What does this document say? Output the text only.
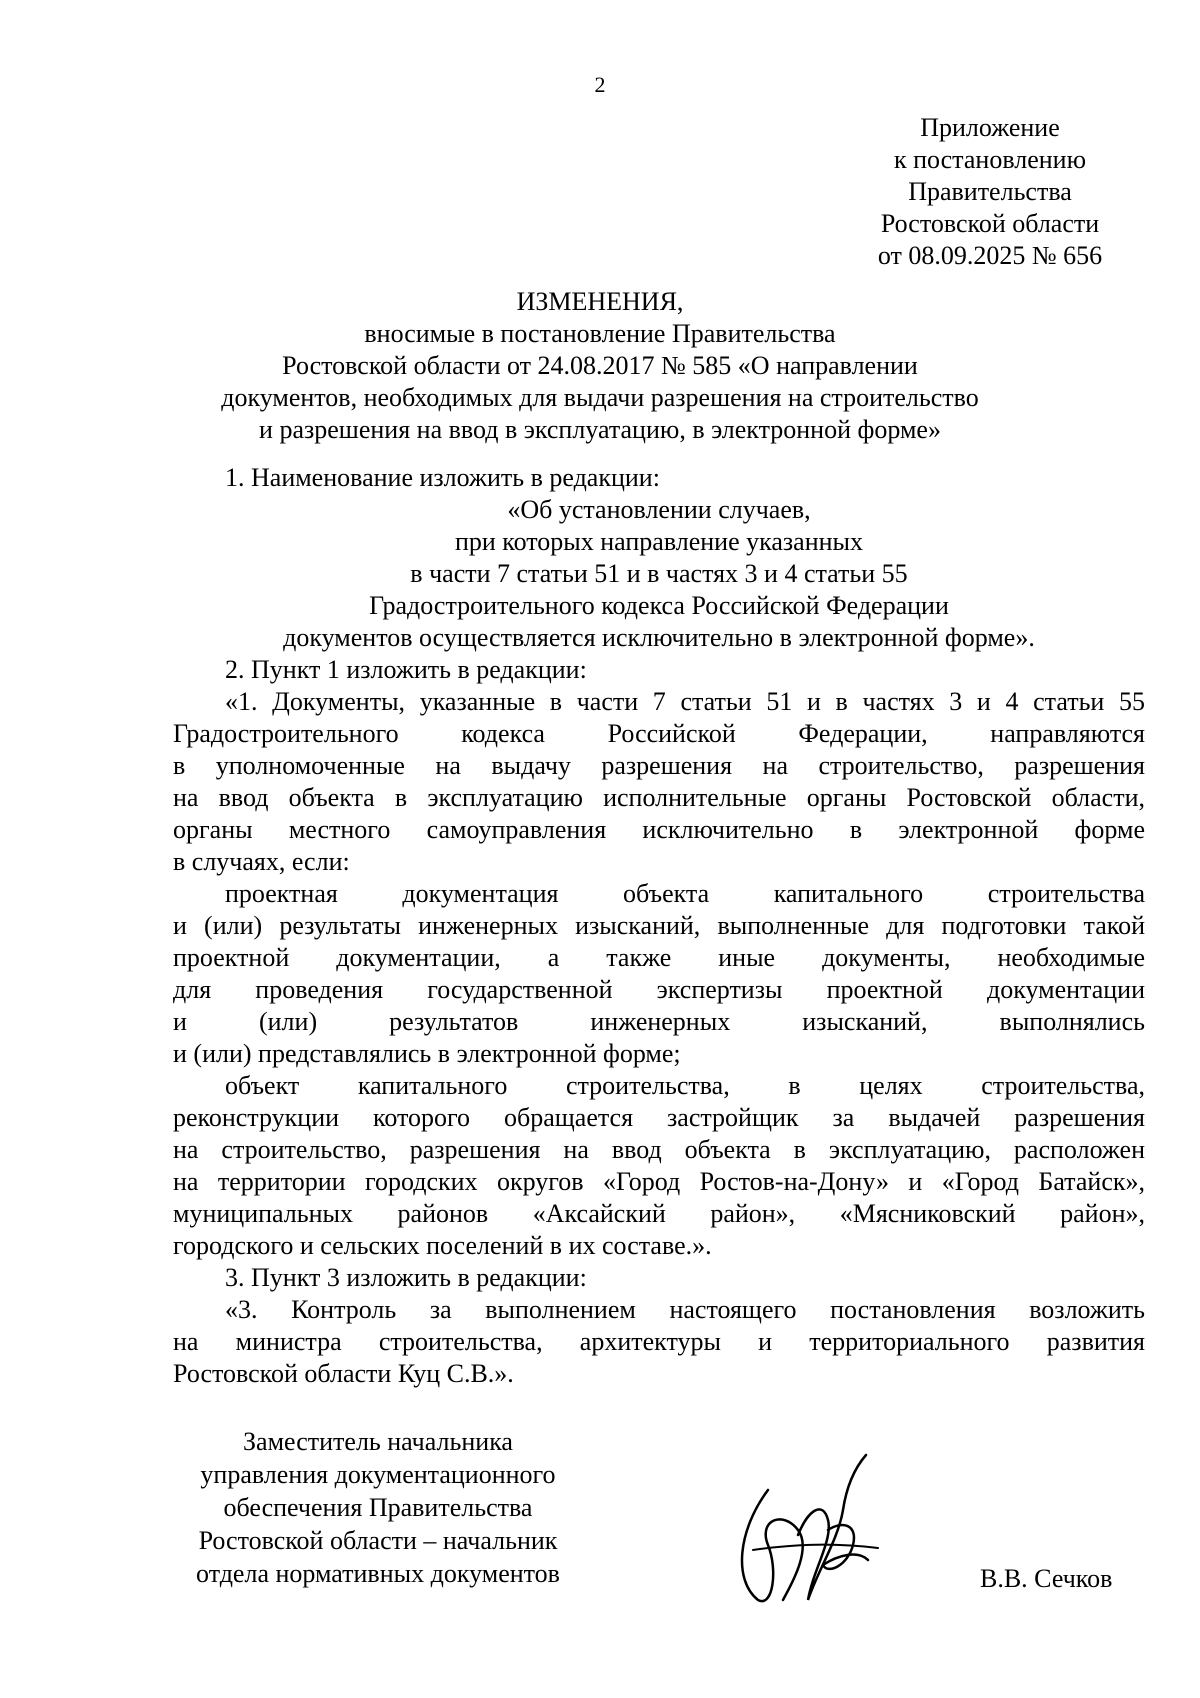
2
Приложение
к постановлению
Правительства
Ростовской области
от 08.09.2025 № 656
ИЗМЕНЕНИЯ,
вносимые в постановление Правительства
Ростовской области от 24.08.2017 № 585 «О направлении
документов, необходимых для выдачи разрешения на строительство
и разрешения на ввод в эксплуатацию, в электронной форме»
1. Наименование изложить в редакции:
«Об установлении случаев,
при которых направление указанных
в части 7 статьи 51 и в частях 3 и 4 статьи 55
Градостроительного кодекса Российской Федерации
документов осуществляется исключительно в электронной форме».
2. Пункт 1 изложить в редакции:
«1. Документы, указанные в части 7 статьи 51 и в частях 3 и 4 статьи 55
Градостроительного кодекса Российской Федерации, направляются
в уполномоченные на выдачу разрешения на строительство, разрешения
на ввод объекта в эксплуатацию исполнительные органы Ростовской области,
органы местного самоуправления исключительно в электронной форме
в случаях, если:
проектная документация объекта капитального строительства
и (или) результаты инженерных изысканий, выполненные для подготовки такой
проектной документации, а также иные документы, необходимые
для проведения государственной экспертизы проектной документации
и (или) результатов инженерных изысканий, выполнялись
и (или) представлялись в электронной форме;
объект капитального строительства, в целях строительства,
реконструкции которого обращается застройщик за выдачей разрешения
на строительство, разрешения на ввод объекта в эксплуатацию, расположен
на территории городских округов «Город Ростов-на-Дону» и «Город Батайск»,
муниципальных районов «Аксайский район», «Мясниковский район»,
городского и сельских поселений в их составе.».
3. Пункт 3 изложить в редакции:
«3. Контроль за выполнением настоящего постановления возложить
на министра строительства, архитектуры и территориального развития
Ростовской области Куц С.В.».
Заместитель начальника
управления документационного
обеспечения Правительства
Ростовской области – начальник
отдела нормативных документов	В.В. Сечков
